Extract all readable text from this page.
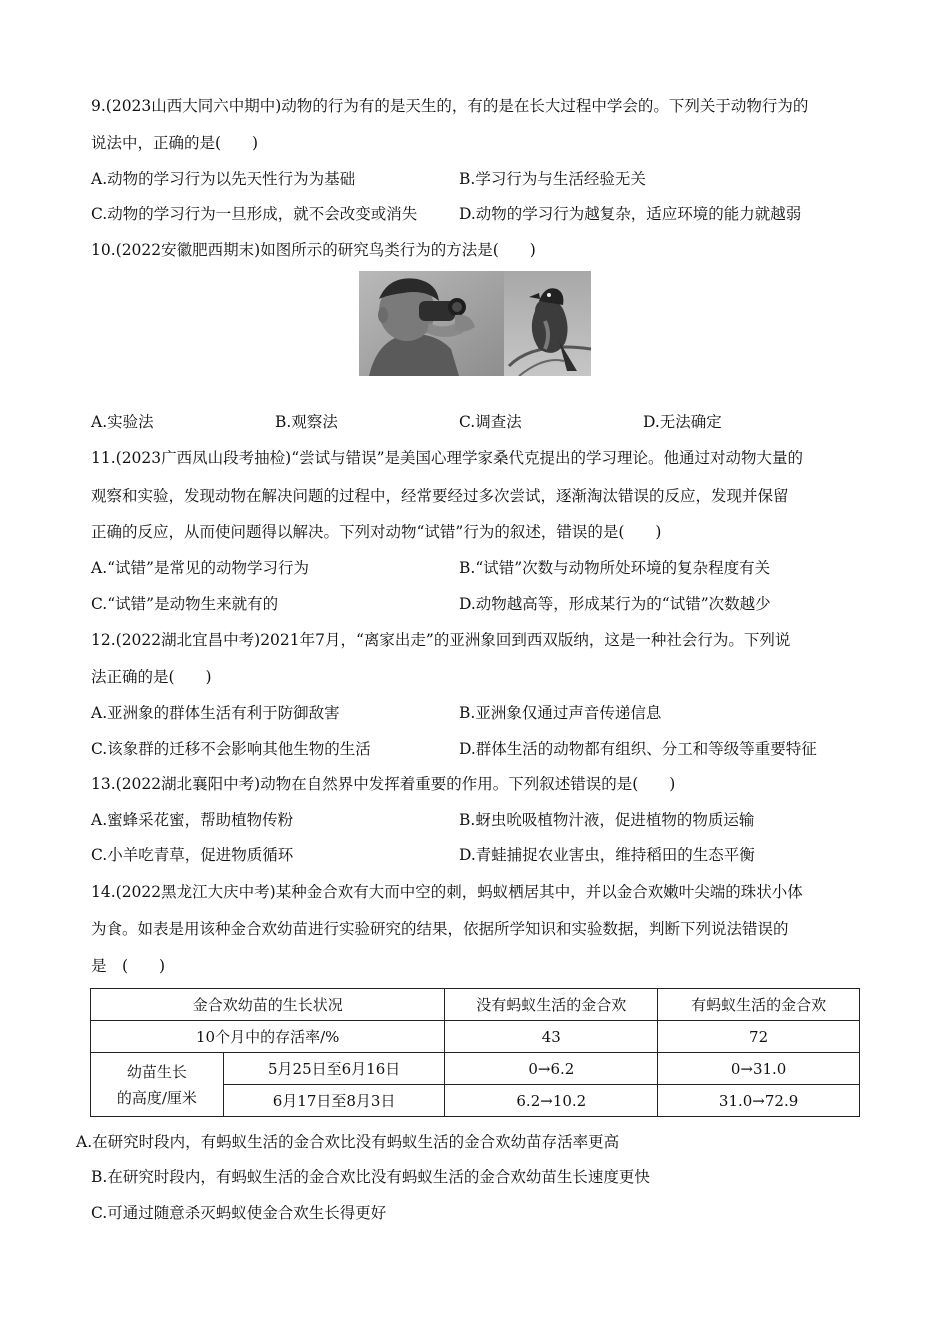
9.(2023山西大同六中期中)动物的行为有的是天生的，有的是在长大过程中学会的。下列关于动物行为的
说法中，正确的是(　　)
A.动物的学习行为以先天性行为为基础	B.学习行为与生活经验无关
C.动物的学习行为一旦形成，就不会改变或消失	D.动物的学习行为越复杂，适应环境的能力就越弱
10.(2022安徽肥西期末)如图所示的研究鸟类行为的方法是(　　)
A.实验法	B.观察法	C.调查法	D.无法确定
11.(2023广西凤山段考抽检)“尝试与错误”是美国心理学家桑代克提出的学习理论。他通过对动物大量的
观察和实验，发现动物在解决问题的过程中，经常要经过多次尝试，逐渐淘汰错误的反应，发现并保留
正确的反应，从而使问题得以解决。下列对动物“试错”行为的叙述，错误的是(　　)
A.“试错”是常见的动物学习行为	B.“试错”次数与动物所处环境的复杂程度有关
C.“试错”是动物生来就有的	D.动物越高等，形成某行为的“试错”次数越少
12.(2022湖北宜昌中考)2021年7月，“离家出走”的亚洲象回到西双版纳，这是一种社会行为。下列说
法正确的是(　　)
A.亚洲象的群体生活有利于防御敌害	B.亚洲象仅通过声音传递信息
C.该象群的迁移不会影响其他生物的生活	D.群体生活的动物都有组织、分工和等级等重要特征
13.(2022湖北襄阳中考)动物在自然界中发挥着重要的作用。下列叙述错误的是(　　)
A.蜜蜂采花蜜，帮助植物传粉	B.蚜虫吮吸植物汁液，促进植物的物质运输
C.小羊吃青草，促进物质循环	D.青蛙捕捉农业害虫，维持稻田的生态平衡
14.(2022黑龙江大庆中考)某种金合欢有大而中空的刺，蚂蚁栖居其中，并以金合欢嫩叶尖端的珠状小体
为食。如表是用该种金合欢幼苗进行实验研究的结果，依据所学知识和实验数据，判断下列说法错误的
是　(　　)
金合欢幼苗的生长状况		没有蚂蚁生活的金合欢	有蚂蚁生活的金合欢
10个月中的存活率/%		43	72

幼苗生长
的高度/厘米	5月25日至6月16日	0→6.2	0→31.0
	6月17日至8月3日	6.2→10.2	31.0→72.9
A.在研究时段内，有蚂蚁生活的金合欢比没有蚂蚁生活的金合欢幼苗存活率更高
B.在研究时段内，有蚂蚁生活的金合欢比没有蚂蚁生活的金合欢幼苗生长速度更快
C.可通过随意杀灭蚂蚁使金合欢生长得更好
